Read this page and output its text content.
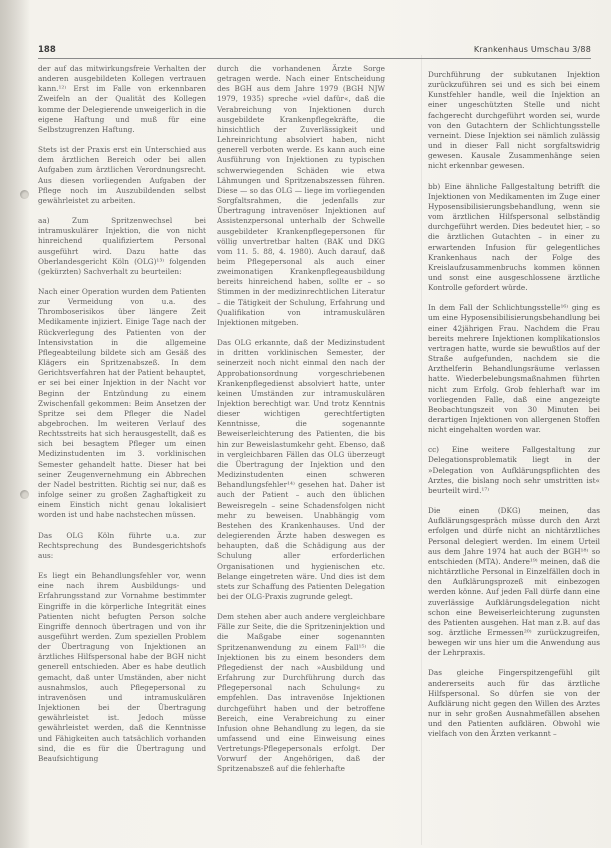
188	Krankenhaus Umschau 3/88

der auf das mitwirkungsfreie Verhalten der anderen ausgebildeten Kollegen vertrauen kann.¹²⁾ Erst im Falle von erkennbaren Zweifeln an der Qualität des Kollegen komme der Delegierende unweigerlich in die eigene Haftung und muß für eine Selbstzugrenzen Haftung.

Stets ist der Praxis erst ein Unterschied aus dem ärztlichen Bereich oder bei allen Aufgaben zum ärztlichen Verordnungsrecht. Aus diesen vorliegenden Aufgaben der Pflege noch im Auszubildenden selbst gewährleistet zu arbeiten.

aa) Zum Spritzenwechsel bei intramuskulärer Injektion, die von nicht hinreichend qualifiziertem Personal ausgeführt wird. Dazu hatte das Oberlandesgericht Köln (OLG)¹³⁾ folgenden (gekürzten) Sachverhalt zu beurteilen:

Nach einer Operation wurden dem Patienten zur Vermeidung von u.a. des Thromboserisikos über längere Zeit Medikamente injiziert. Einige Tage nach der Rückverlegung des Patienten von der Intensivstation in die allgemeine Pflegeabteilung bildete sich am Gesäß des Klägers ein Spritzenabszeß. In dem Gerichtsverfahren hat der Patient behauptet, er sei bei einer Injektion in der Nacht vor Beginn der Entzündung zu einem Zwischenfall gekommen: Beim Ansetzen der Spritze sei dem Pfleger die Nadel abgebrochen. Im weiteren Verlauf des Rechtsstreits hat sich herausgestellt, daß es sich bei besagtem Pfleger um einen Medizinstudenten im 3. vorklinischen Semester gehandelt hatte. Dieser hat bei seiner Zeugenvernehmung ein Abbrechen der Nadel bestritten. Richtig sei nur, daß es infolge seiner zu großen Zaghaftigkeit zu einem Einstich nicht genau lokalisiert worden ist und habe nachstechen müssen.

Das OLG Köln führte u.a. zur Rechtsprechung des Bundesgerichtshofs aus:

Es liegt ein Behandlungsfehler vor, wenn eine nach ihrem Ausbildungs- und Erfahrungsstand zur Vornahme bestimmter Eingriffe in die körperliche Integrität eines Patienten nicht befugten Person solche Eingriffe dennoch übertragen und von ihr ausgeführt werden. Zum speziellen Problem der Übertragung von Injektionen an ärztliches Hilfspersonal habe der BGH nicht generell entschieden. Aber es habe deutlich gemacht, daß unter Umständen, aber nicht ausnahmslos, auch Pflegepersonal zu intravenösen und intramuskulären Injektionen bei der Übertragung gewährleistet ist. Jedoch müsse gewährleistet werden, daß die Kenntnisse und Fähigkeiten auch tatsächlich vorhanden sind, die es für die Übertragung und Beaufsichtigung

durch die vorhandenen Ärzte Sorge getragen werde. Nach einer Entscheidung des BGH aus dem Jahre 1979 (BGH NJW 1979, 1935) spreche »viel dafür«, daß die Verabreichung von Injektionen durch ausgebildete Krankenpflegekräfte, die hinsichtlich der Zuverlässigkeit und Lehreinrichtung absolviert haben, nicht generell verboten werde. Es kann auch eine Ausführung von Injektionen zu typischen schwerwiegenden Schäden wie etwa Lähmungen und Spritzenabszessen führen. Diese — so das OLG — liege im vorliegenden Sorgfaltsrahmen, die jedenfalls zur Übertragung intravenöser Injektionen auf Assistenzpersonal unterhalb der Schwelle ausgebildeter Krankenpflegepersonen für völlig unvertretbar halten (BAK und DKG vom 11. 5. 88, 4. 1980). Auch darauf, daß beim Pflegepersonal als auch einer zweimonatigen Krankenpflegeausbildung bereits hinreichend haben, sollte er – so Stimmen in der medizinrechtlichen Literatur – die Tätigkeit der Schulung, Erfahrung und Qualifikation von intramuskulären Injektionen mitgeben.

Das OLG erkannte, daß der Medizinstudent in dritten vorklinischen Semester, der seinerzeit noch nicht einmal den nach der Approbationsordnung vorgeschriebenen Krankenpflegedienst absolviert hatte, unter keinen Umständen zur intramuskulären Injektion berechtigt war. Und trotz Kenntnis dieser wichtigen gerechtfertigten Kenntnisse, die sogenannte Beweiserleichterung des Patienten, die bis hin zur Beweislastumkehr geht. Ebenso, daß in vergleichbaren Fällen das OLG überzeugt die Übertragung der Injektion und den Medizinstudenten einen schweren Behandlungsfehler¹⁴⁾ gesehen hat. Daher ist auch der Patient – auch den üblichen Beweisregeln – seine Schadensfolgen nicht mehr zu beweisen. Unabhängig vom Bestehen des Krankenhauses. Und der delegierenden Ärzte haben deswegen es behaupten, daß die Schädigung aus der Schulung aller erforderlichen Organisationen und hygienischen etc. Belange eingetreten wäre. Und dies ist dem stets zur Schaffung des Patienten Delegation bei der OLG-Praxis zugrunde gelegt.

Dem stehen aber auch andere vergleichbare Fälle zur Seite, die die Spritzeninjektion und die Maßgabe einer sogenannten Spritzenanwendung zu einem Fall¹⁵⁾ die Injektionen bis zu einem besonders dem Pflegedienst der nach »Ausbildung und Erfahrung zur Durchführung durch das Pflegepersonal nach Schulung« zu empfehlen. Das intravenöse Injektionen durchgeführt haben und der betroffene Bereich, eine Verabreichung zu einer Infusion ohne Behandlung zu legen, da sie umfassend und eine Einweisung eines Vertretungs-Pflegepersonals erfolgt. Der Vorwurf der Angehörigen, daß der Spritzenabszeß auf die fehlerhafte

Durchführung der subkutanen Injektion zurückzuführen sei und es sich bei einem Kunstfehler handle, weil die Injektion an einer ungeschützten Stelle und nicht fachgerecht durchgeführt worden sei, wurde von den Gutachtern der Schlichtungsstelle verneint. Diese Injektion sei nämlich zulässig und in dieser Fall nicht sorgfaltswidrig gewesen. Kausale Zusammenhänge seien nicht erkennbar gewesen.

bb) Eine ähnliche Fallgestaltung betrifft die Injektionen von Medikamenten im Zuge einer Hyposensibilisierungsbehandlung, wenn sie vom ärztlichen Hilfspersonal selbständig durchgeführt werden. Dies bedeutet hier, – so die ärztlichen Gutachten – in einer zu erwartenden Infusion für gelegentliches Krankenhaus nach der Folge des Kreislaufzusammenbruchs kommen können und sonst eine ausgeschlossene ärztliche Kontrolle gefordert würde.

In dem Fall der Schlichtungsstelle¹⁶⁾ ging es um eine Hyposensibilisierungsbehandlung bei einer 42jährigen Frau. Nachdem die Frau bereits mehrere Injektionen komplikationslos vertragen hatte, wurde sie bewußtlos auf der Straße aufgefunden, nachdem sie die Arzthelferin Behandlungsräume verlassen hatte. Wiederbelebungsmaßnahmen führten nicht zum Erfolg. Grob fehlerhaft war im vorliegenden Falle, daß eine angezeigte Beobachtungszeit von 30 Minuten bei derartigen Injektionen von allergenen Stoffen nicht eingehalten worden war.

cc) Eine weitere Fallgestaltung zur Delegationsproblematik liegt in der »Delegation von Aufklärungspflichten des Arztes, die bislang noch sehr umstritten ist« beurteilt wird.¹⁷⁾

Die einen (DKG) meinen, das Aufklärungsgespräch müsse durch den Arzt erfolgen und dürfe nicht an nichtärztliches Personal delegiert werden. Im einem Urteil aus dem Jahre 1974 hat auch der BGH¹⁸⁾ so entschieden (MTA). Andere¹⁹⁾ meinen, daß die nichtärztliche Personal in Einzelfällen doch in den Aufklärungsprozeß mit einbezogen werden könne. Auf jeden Fall dürfe dann eine zuverlässige Aufklärungsdelegation nicht schon eine Beweiserleichterung zugunsten des Patienten ausgehen. Hat man z.B. auf das sog. ärztliche Ermessen²⁰⁾ zurückzugreifen, bewegen wir uns hier um die Anwendung aus der Lehrpraxis.

Das gleiche Fingerspitzengefühl gilt andererseits auch für das ärztliche Hilfspersonal. So dürfen sie von der Aufklärung nicht gegen den Willen des Arztes nur in sehr großen Ausnahmefällen absehen und den Patienten aufklären. Obwohl wie vielfach von den Ärzten verkannt –
